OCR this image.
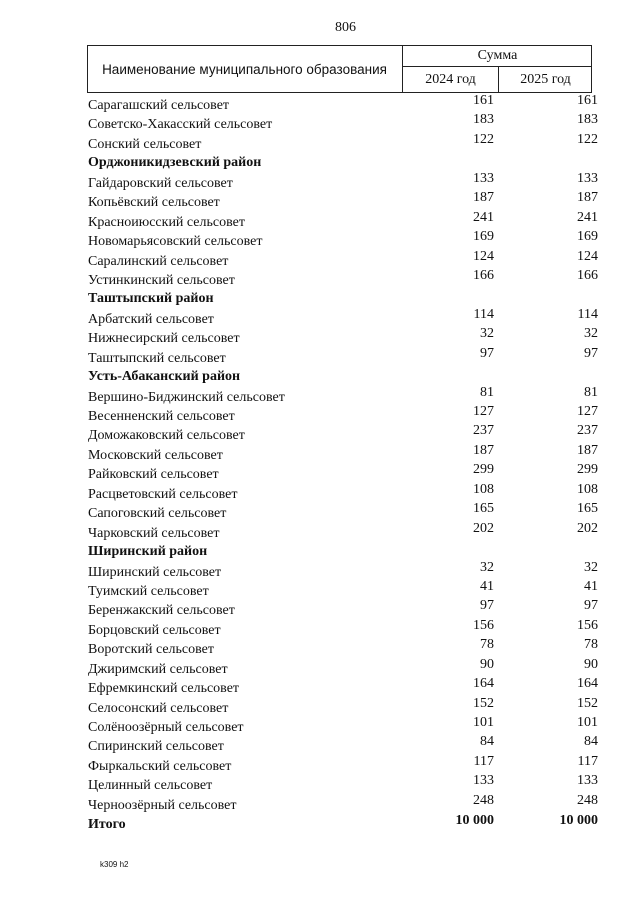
806
Наименование муниципального образования
Сумма
2024 год	2025 год
Сарагашский сельсовет	161	161
Советско-Хакасский сельсовет	183	183
Сонский сельсовет	122	122
Орджоникидзевский район
Гайдаровский сельсовет	133	133
Копьёвский сельсовет	187	187
Красноиюсский сельсовет	241	241
Новомарьясовский сельсовет	169	169
Саралинский сельсовет	124	124
Устинкинский сельсовет	166	166
Таштыпский район
Арбатский сельсовет	114	114
Нижнесирский сельсовет	32	32
Таштыпский сельсовет	97	97
Усть-Абаканский район
Вершино-Биджинский сельсовет	81	81
Весенненский сельсовет	127	127
Доможаковский сельсовет	237	237
Московский сельсовет	187	187
Райковский сельсовет	299	299
Расцветовский сельсовет	108	108
Сапоговский сельсовет	165	165
Чарковский сельсовет	202	202
Ширинский район
Ширинский сельсовет	32	32
Туимский сельсовет	41	41
Беренжакский сельсовет	97	97
Борцовский сельсовет	156	156
Воротский сельсовет	78	78
Джиримский сельсовет	90	90
Ефремкинский сельсовет	164	164
Селосонский сельсовет	152	152
Солёноозёрный сельсовет	101	101
Спиринский сельсовет	84	84
Фыркальский сельсовет	117	117
Целинный сельсовет	133	133
Черноозёрный сельсовет	248	248
Итого	10 000	10 000
k309 h2
